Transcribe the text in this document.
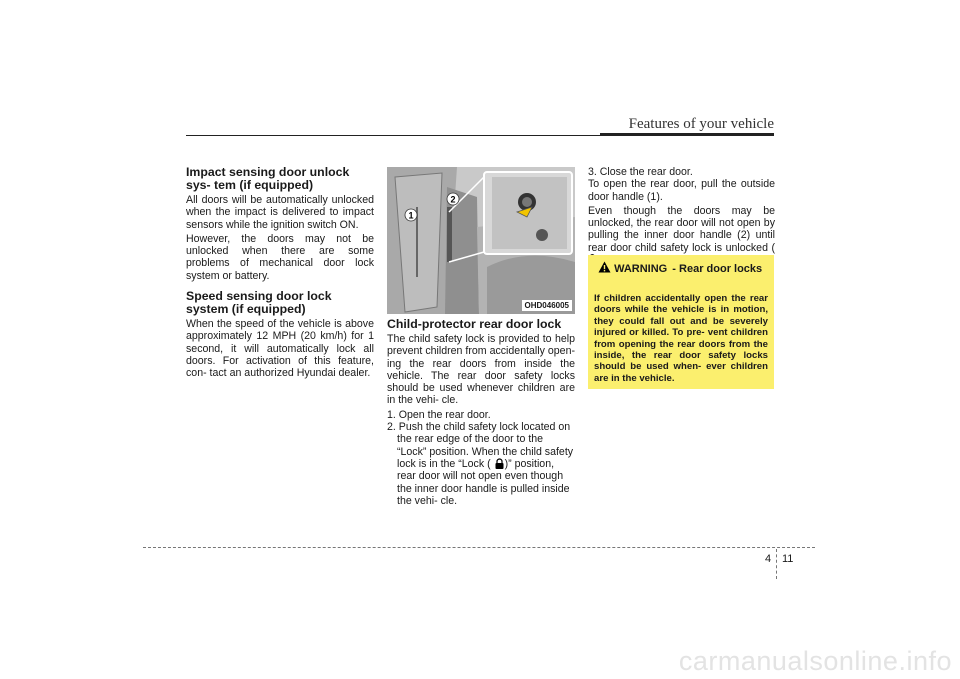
Features of your vehicle
Impact sensing door unlock sys- tem (if equipped)

All doors will be automatically unlocked when the impact is delivered to impact sensors while the ignition switch ON.

However, the doors may not be unlocked when there are some problems of mechanical door lock system or battery.

Speed sensing door lock system (if equipped)

When the speed of the vehicle is above approximately 12 MPH (20 km/h) for 1 second, it will automatically lock all doors. For activation of this feature, con- tact an authorized Hyundai dealer.

1
2
OHD046005
Child-protector rear door lock

The child safety lock is provided to help prevent children from accidentally open- ing the rear doors from inside the vehicle. The rear door safety locks should be used whenever children are in the vehi- cle.

1. Open the rear door.

2. Push the child safety lock located on the rear edge of the door to the “Lock” position. When the child safety lock is in the “Lock ( )” position, rear door will not open even though the inner door handle is pulled inside the vehi- cle.

3. Close the rear door.

To open the rear door, pull the outside door handle (1).

Even though the doors may be unlocked, the rear door will not open by pulling the inner door handle (2) until rear door child safety lock is unlocked (

WARNING - Rear door locks
If children accidentally open the rear doors while the vehicle is in motion, they could fall out and be severely injured or killed. To pre- vent children from opening the rear doors from the inside, the rear door safety locks should be used when- ever children are in the vehicle.
4 11
carmanualsonline.info
